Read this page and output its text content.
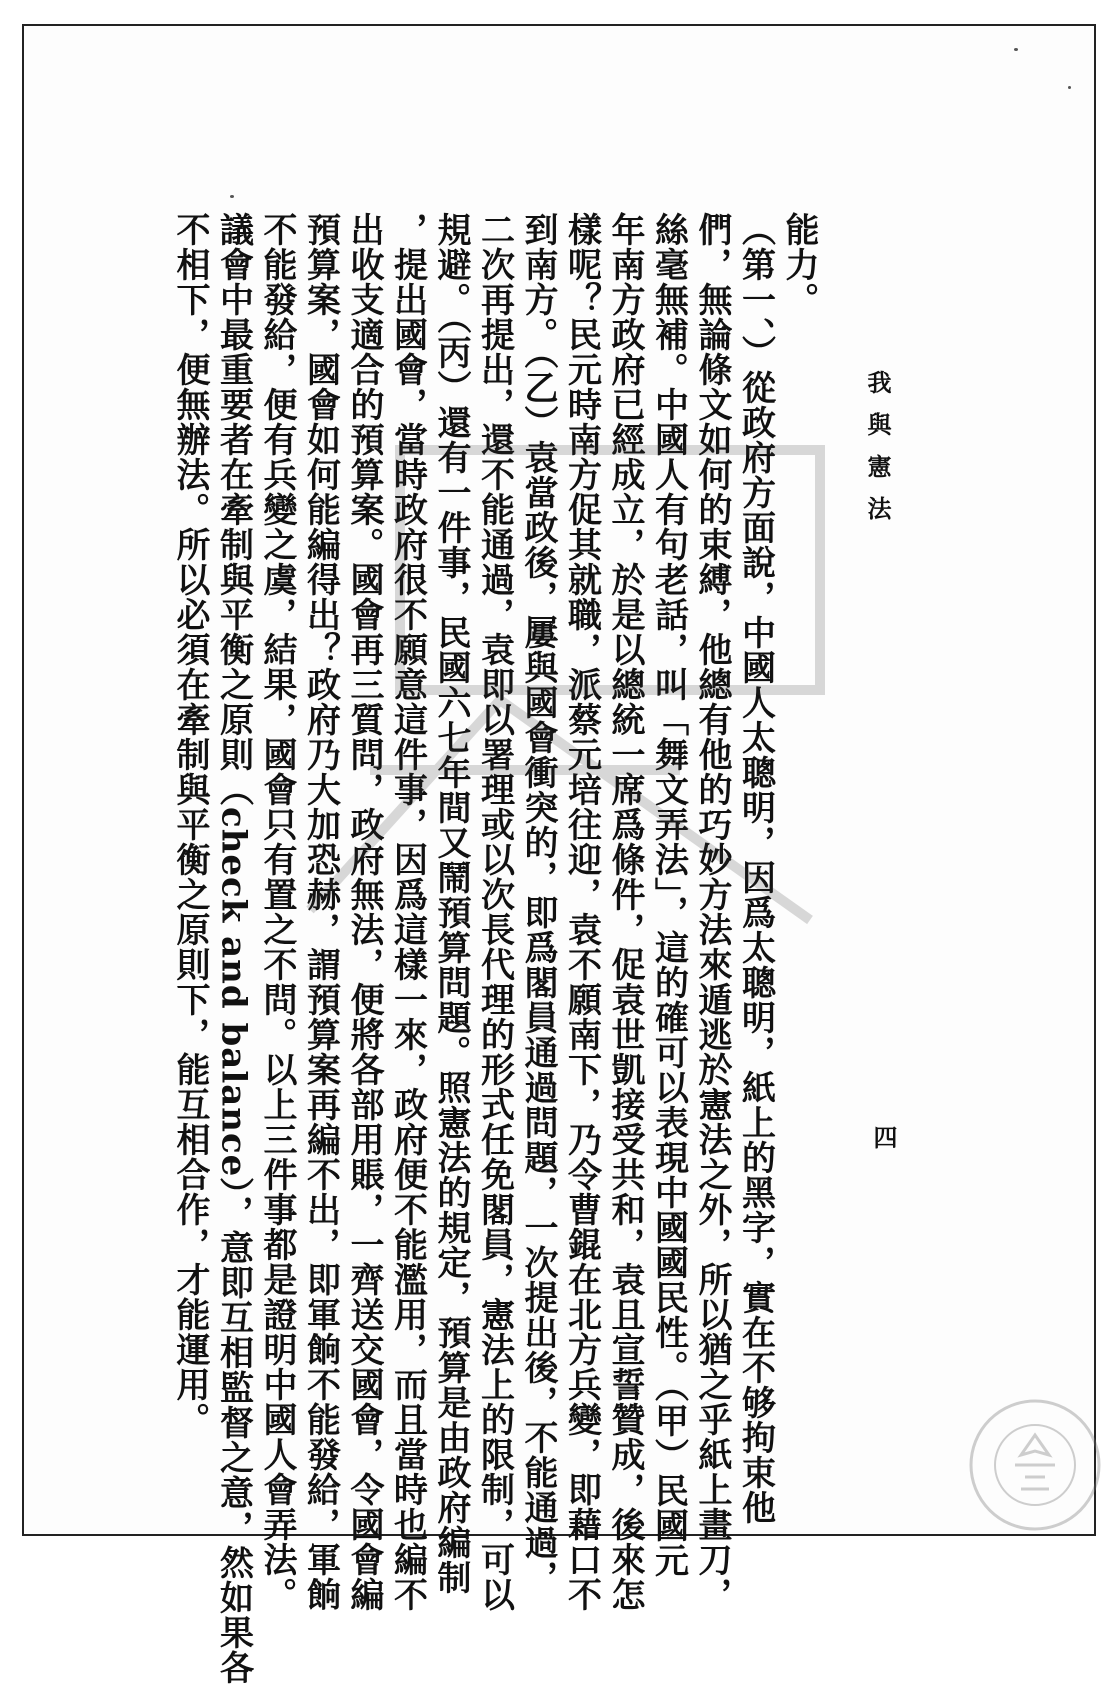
我與憲法
能力。
（第一、）從政府方面說，中國人太聰明，因爲太聰明，紙上的黑字，實在不够拘束他
們，無論條文如何的束縛，他總有他的巧妙方法來遁逃於憲法之外，所以猶之乎紙上畫刀，
絲毫無補。中國人有句老話，叫「舞文弄法」，這的確可以表現中國國民性。（甲）民國元
年南方政府已經成立，於是以總統一席爲條件，促袁世凱接受共和，袁且宣誓贊成，後來怎
樣呢？民元時南方促其就職，派蔡元培往迎，袁不願南下，乃令曹錕在北方兵變，即藉口不
到南方。（乙）袁當政後，屢與國會衝突的，即爲閣員通過問題，一次提出後，不能通過，
二次再提出，還不能通過，袁即以署理或以次長代理的形式任免閣員，憲法上的限制，可以
規避。（丙）還有一件事，民國六七年間又鬧預算問題。照憲法的規定，預算是由政府編制
，提出國會，當時政府很不願意這件事，因爲這樣一來，政府便不能濫用，而且當時也編不
出收支適合的預算案。國會再三質問，政府無法，便將各部用賬，一齊送交國會，令國會編
預算案，國會如何能編得出？政府乃大加恐赫，謂預算案再編不出，即軍餉不能發給，軍餉
不能發給，便有兵變之虞，結果，國會只有置之不問。以上三件事都是證明中國人會弄法。
議會中最重要者在牽制與平衡之原則（check and balance），意即互相監督之意，然如果各
不相下，便無辦法。所以必須在牽制與平衡之原則下，能互相合作，才能運用。	四
